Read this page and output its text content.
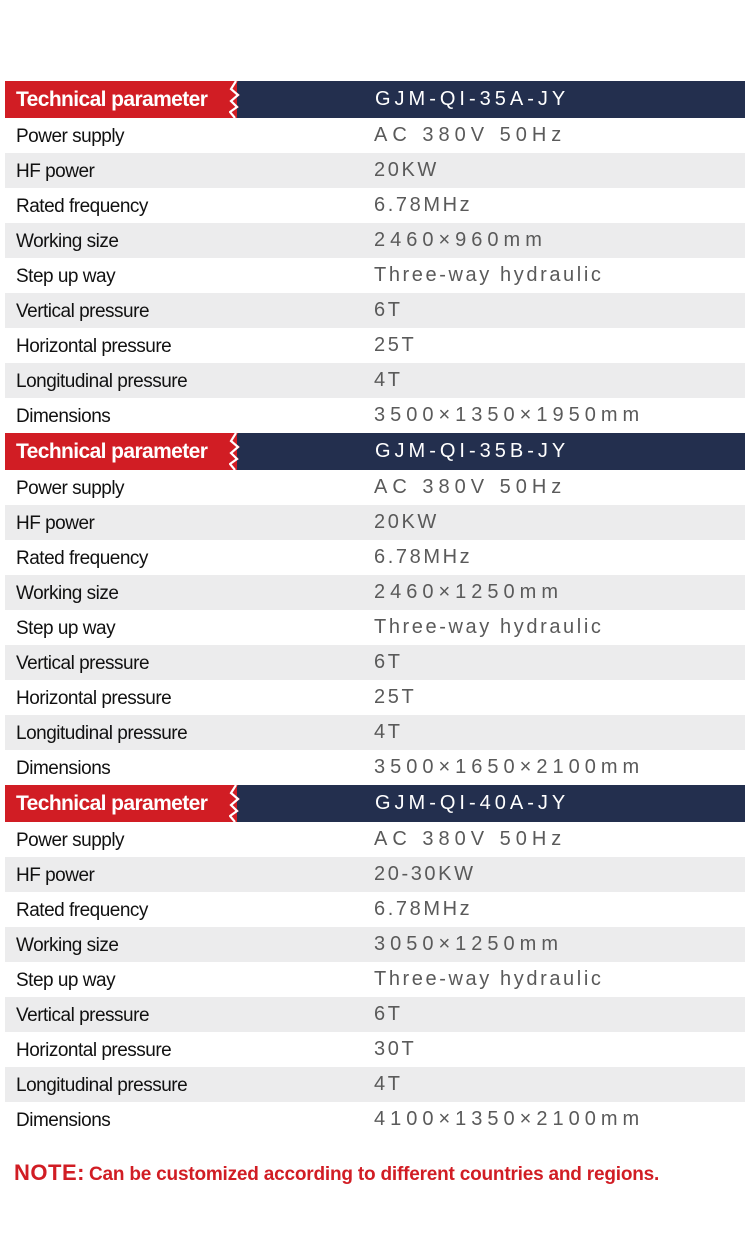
Technical parameter	GJM-QI-35A-JY
Power supply	AC 380V 50Hz
HF power	20KW
Rated frequency	6.78MHz
Working size	2460×960mm
Step up way	Three-way hydraulic
Vertical pressure	6T
Horizontal pressure	25T
Longitudinal pressure	4T
Dimensions	3500×1350×1950mm
Technical parameter	GJM-QI-35B-JY
Power supply	AC 380V 50Hz
HF power	20KW
Rated frequency	6.78MHz
Working size	2460×1250mm
Step up way	Three-way hydraulic
Vertical pressure	6T
Horizontal pressure	25T
Longitudinal pressure	4T
Dimensions	3500×1650×2100mm
Technical parameter	GJM-QI-40A-JY
Power supply	AC 380V 50Hz
HF power	20-30KW
Rated frequency	6.78MHz
Working size	3050×1250mm
Step up way	Three-way hydraulic
Vertical pressure	6T
Horizontal pressure	30T
Longitudinal pressure	4T
Dimensions	4100×1350×2100mm
NOTE: Can be customized according to different countries and regions.
